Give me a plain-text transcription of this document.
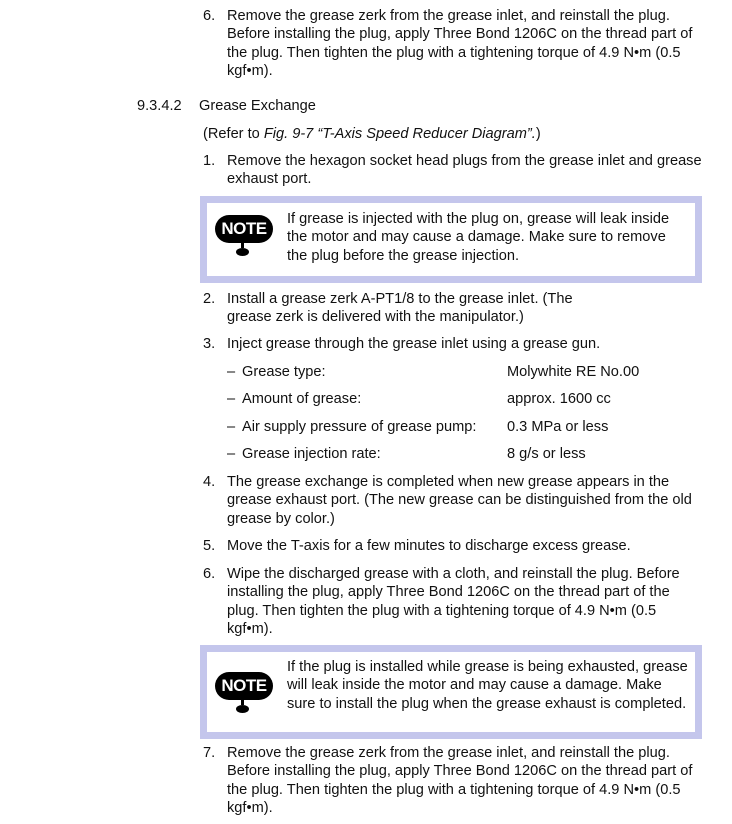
6. Remove the grease zerk from the grease inlet, and reinstall the plug. Before installing the plug, apply Three Bond 1206C on the thread part of the plug. Then tighten the plug with a tightening torque of 4.9 N•m (0.5 kgf•m).
9.3.4.2 Grease Exchange
(Refer to Fig. 9-7 “T-Axis Speed Reducer Diagram”.)
1. Remove the hexagon socket head plugs from the grease inlet and grease exhaust port.
NOTE	If grease is injected with the plug on, grease will leak inside the motor and may cause a damage. Make sure to remove the plug before the grease injection.
2. Install a grease zerk A-PT1/8 to the grease inlet. (The grease zerk is delivered with the manipulator.)
3. Inject grease through the grease inlet using a grease gun.
– Grease type:	Molywhite RE No.00
– Amount of grease:	approx. 1600 cc
– Air supply pressure of grease pump: 0.3 MPa or less
– Grease injection rate:	8 g/s or less
4. The grease exchange is completed when new grease appears in the grease exhaust port. (The new grease can be distinguished from the old grease by color.)
5. Move the T-axis for a few minutes to discharge excess grease.
6. Wipe the discharged grease with a cloth, and reinstall the plug. Before installing the plug, apply Three Bond 1206C on the thread part of the plug. Then tighten the plug with a tightening torque of 4.9 N•m (0.5 kgf•m).
NOTE
If the plug is installed while grease is being exhausted, grease will leak inside the motor and may cause a damage. Make sure to install the plug when the grease exhaust is completed.
7. Remove the grease zerk from the grease inlet, and reinstall the plug. Before installing the plug, apply Three Bond 1206C on the thread part of the plug. Then tighten the plug with a tightening torque of 4.9 N•m (0.5 kgf•m).
